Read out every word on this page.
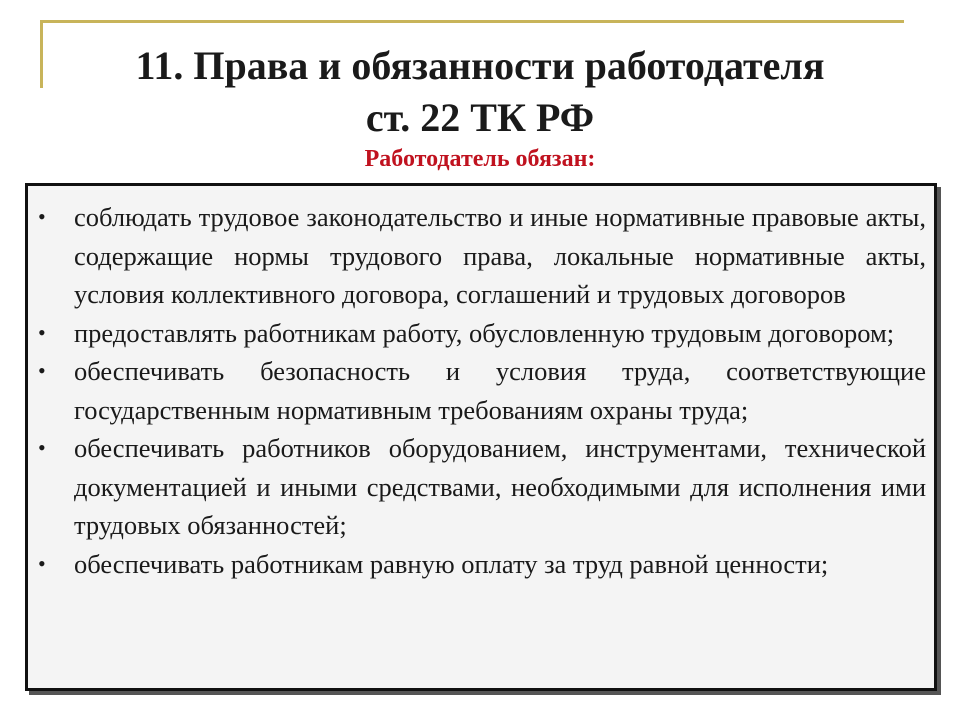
11. Права и обязанности работодателя
ст. 22 ТК РФ
Работодатель обязан:
• соблюдать трудовое законодательство и иные нормативные правовые акты, содержащие нормы трудового права, локальные нормативные акты, условия коллективного договора, соглашений и трудовых договоров
• предоставлять работникам работу, обусловленную трудовым договором;
• обеспечивать безопасность и условия труда, соответствующие государственным нормативным требованиям охраны труда;
• обеспечивать работников оборудованием, инструментами, технической документацией и иными средствами, необходимыми для исполнения ими трудовых обязанностей;
• обеспечивать работникам равную оплату за труд равной ценности;
